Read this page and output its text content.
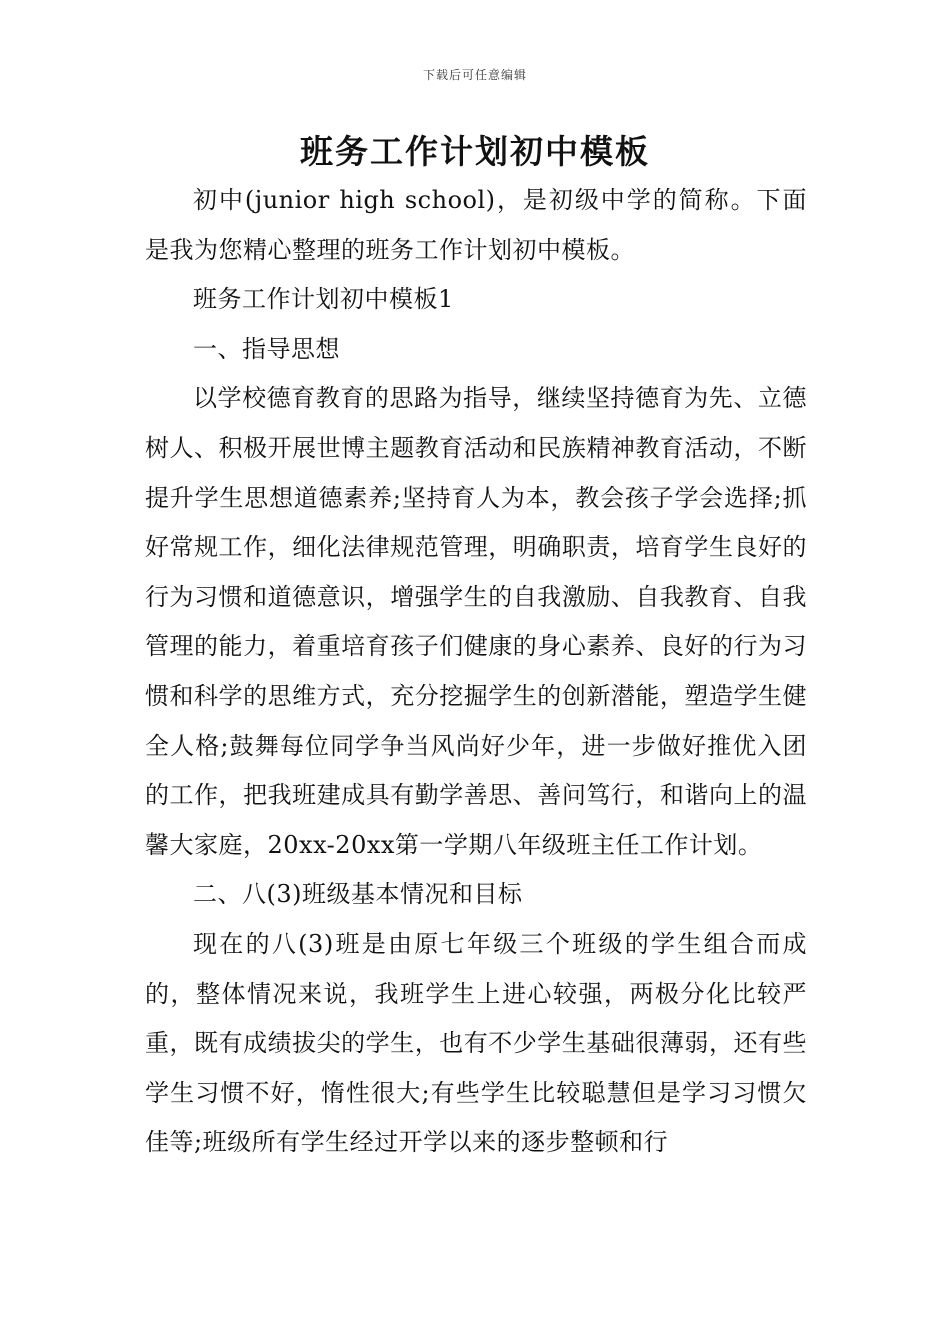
下载后可任意编辑
班务工作计划初中模板

初中(junior high school)，是初级中学的简称。下面是我为您精心整理的班务工作计划初中模板。

班务工作计划初中模板1

一、指导思想

以学校德育教育的思路为指导，继续坚持德育为先、立德树人、积极开展世博主题教育活动和民族精神教育活动，不断提升学生思想道德素养;坚持育人为本，教会孩子学会选择;抓好常规工作，细化法律规范管理，明确职责，培育学生良好的行为习惯和道德意识，增强学生的自我激励、自我教育、自我管理的能力，着重培育孩子们健康的身心素养、良好的行为习惯和科学的思维方式，充分挖掘学生的创新潜能，塑造学生健全人格;鼓舞每位同学争当风尚好少年，进一步做好推优入团的工作，把我班建成具有勤学善思、善问笃行，和谐向上的温馨大家庭，20xx-20xx第一学期八年级班主任工作计划。

二、八(3)班级基本情况和目标

现在的八(3)班是由原七年级三个班级的学生组合而成的，整体情况来说，我班学生上进心较强，两极分化比较严重，既有成绩拔尖的学生，也有不少学生基础很薄弱，还有些学生习惯不好，惰性很大;有些学生比较聪慧但是学习习惯欠佳等;班级所有学生经过开学以来的逐步整顿和行
